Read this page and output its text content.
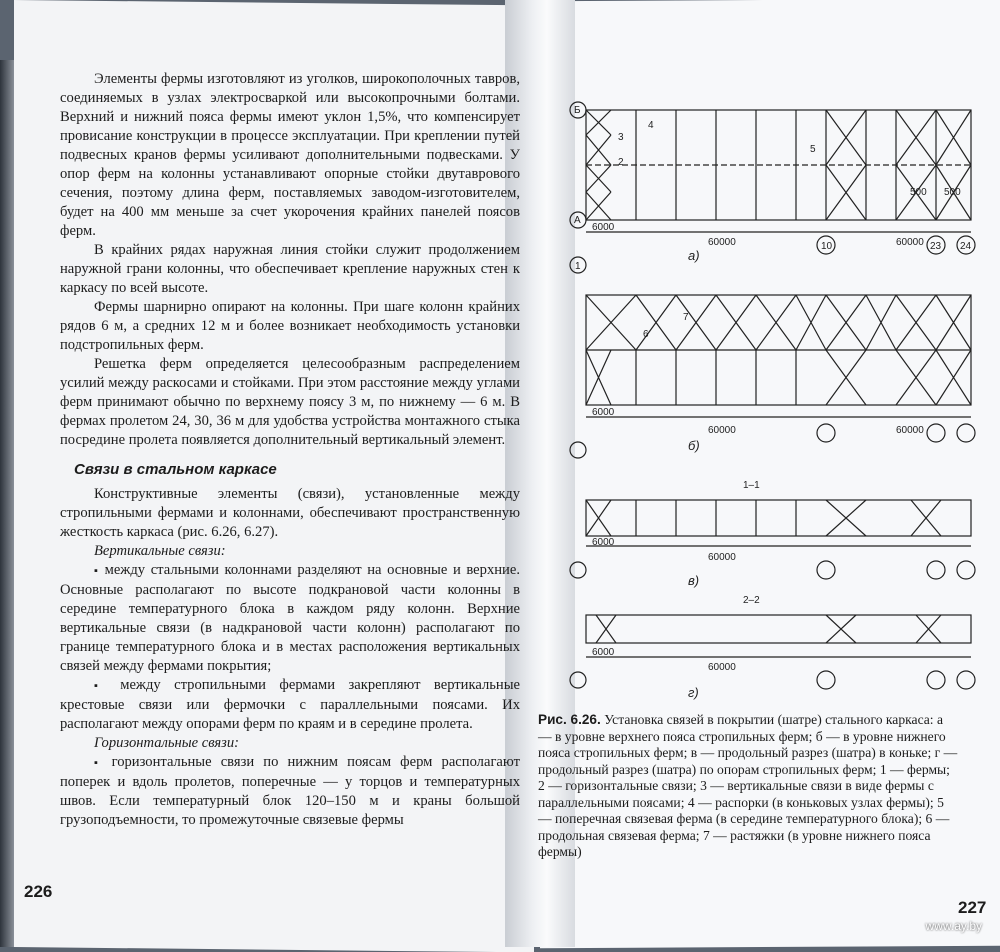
Элементы фермы изготовляют из уголков, широкополочных тавров, соединяемых в узлах электросваркой или высокопрочными болтами. Верхний и нижний пояса фермы имеют уклон 1,5%, что компенсирует провисание конструкции в процессе эксплуатации. При креплении путей подвесных кранов фермы усиливают дополнительными подвесками. У опор ферм на колонны устанавливают опорные стойки двутаврового сечения, поэтому длина ферм, поставляемых заводом-изготовителем, будет на 400 мм меньше за счет укорочения крайних панелей поясов ферм.

В крайних рядах наружная линия стойки служит продолжением наружной грани колонны, что обеспечивает крепление наружных стен к каркасу по всей высоте.

Фермы шарнирно опирают на колонны. При шаге колонн крайних рядов 6 м, а средних 12 м и более возникает необходимость установки подстропильных ферм.

Решетка ферм определяется целесообразным распределением усилий между раскосами и стойками. При этом расстояние между углами ферм принимают обычно по верхнему поясу 3 м, по нижнему — 6 м. В фермах пролетом 24, 30, 36 м для удобства устройства монтажного стыка посредине пролета появляется дополнительный вертикальный элемент.

Связи в стальном каркасе

Конструктивные элементы (связи), установленные между стропильными фермами и колоннами, обеспечивают пространственную жесткость каркаса (рис. 6.26, 6.27).

Вертикальные связи:

▪ между стальными колоннами разделяют на основные и верхние. Основные располагают по высоте подкрановой части колонны в середине температурного блока в каждом ряду колонн. Верхние вертикальные связи (в надкрановой части колонн) располагают по границе температурного блока и в местах расположения вертикальных связей между фермами покрытия;

▪ между стропильными фермами закрепляют вертикальные крестовые связи или фермочки с параллельными поясами. Их располагают между опорами ферм по краям и в середине пролета.

Горизонтальные связи:

▪ горизонтальные связи по нижним поясам ферм располагают поперек и вдоль пролетов, поперечные — у торцов и температурных швов. Если температурный блок 120–150 м и краны большой грузоподъемности, то промежуточные связевые фермы

226
Б
А
1
10	23 24
6000
60000	60000
500 500
3
4
2
5
а)
6000
60000	60000
6
7
б)
1–1
6000
60000
в)
2–2
6000
60000
г)
Рис. 6.26. Установка связей в покрытии (шатре) стального каркаса: а — в уровне верхнего пояса стропильных ферм; б — в уровне нижнего пояса стропильных ферм; в — продольный разрез (шатра) в коньке; г — продольный разрез (шатра) по опорам стропильных ферм; 1 — фермы; 2 — горизонтальные связи; 3 — вертикальные связи в виде фермы с параллельными поясами; 4 — распорки (в коньковых узлах фермы); 5 — поперечная связевая ферма (в середине температурного блока); 6 — продольная связевая ферма; 7 — растяжки (в уровне нижнего пояса фермы)
227
www.ay.by
